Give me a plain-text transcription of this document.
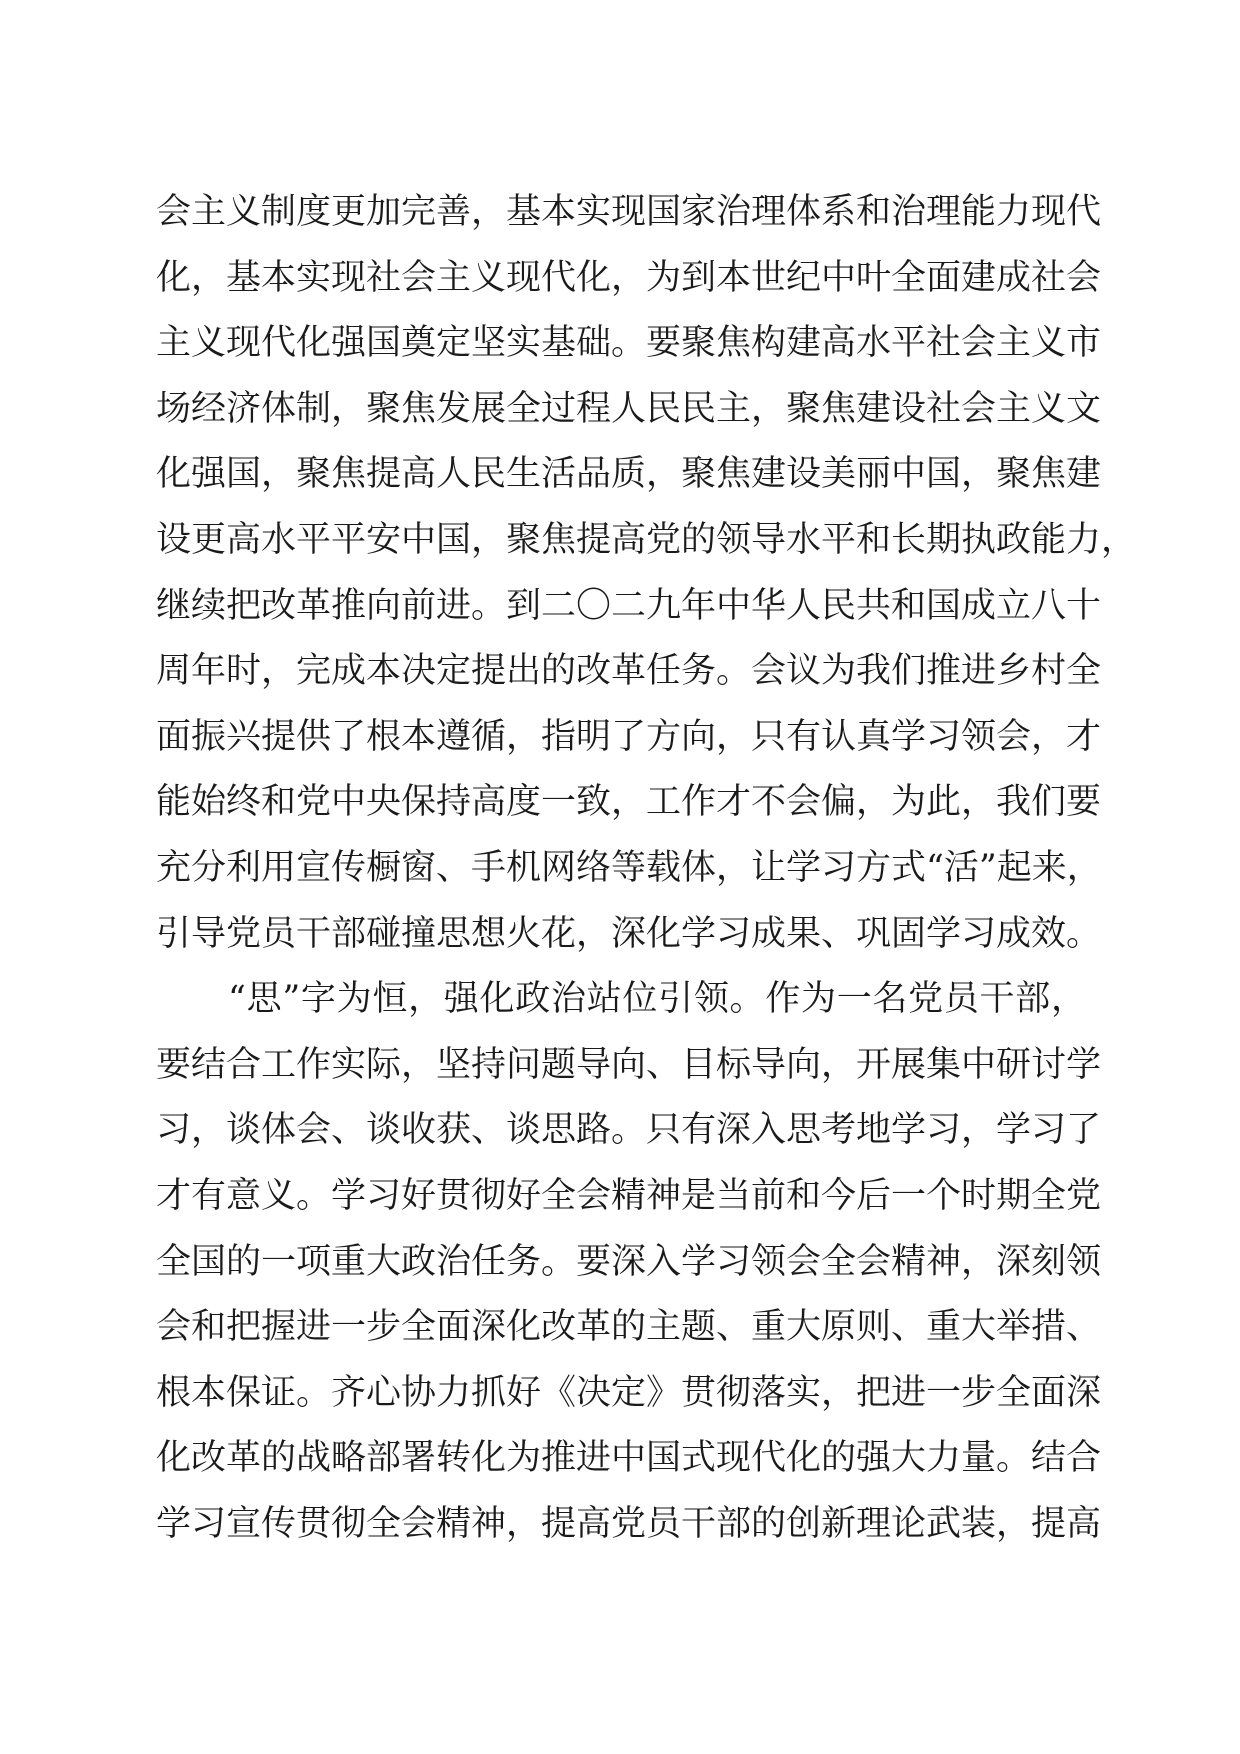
会主义制度更加完善，基本实现国家治理体系和治理能力现代
化，基本实现社会主义现代化，为到本世纪中叶全面建成社会
主义现代化强国奠定坚实基础。要聚焦构建高水平社会主义市
场经济体制，聚焦发展全过程人民民主，聚焦建设社会主义文
化强国，聚焦提高人民生活品质，聚焦建设美丽中国，聚焦建
设更高水平平安中国，聚焦提高党的领导水平和长期执政能力，
继续把改革推向前进。到二〇二九年中华人民共和国成立八十
周年时，完成本决定提出的改革任务。会议为我们推进乡村全
面振兴提供了根本遵循，指明了方向，只有认真学习领会，才
能始终和党中央保持高度一致，工作才不会偏，为此，我们要
充分利用宣传橱窗、手机网络等载体，让学习方式“活”起来，
引导党员干部碰撞思想火花，深化学习成果、巩固学习成效。
“思”字为恒，强化政治站位引领。作为一名党员干部，
要结合工作实际，坚持问题导向、目标导向，开展集中研讨学
习，谈体会、谈收获、谈思路。只有深入思考地学习，学习了
才有意义。学习好贯彻好全会精神是当前和今后一个时期全党
全国的一项重大政治任务。要深入学习领会全会精神，深刻领
会和把握进一步全面深化改革的主题、重大原则、重大举措、
根本保证。齐心协力抓好《决定》贯彻落实，把进一步全面深
化改革的战略部署转化为推进中国式现代化的强大力量。结合
学习宣传贯彻全会精神，提高党员干部的创新理论武装，提高
